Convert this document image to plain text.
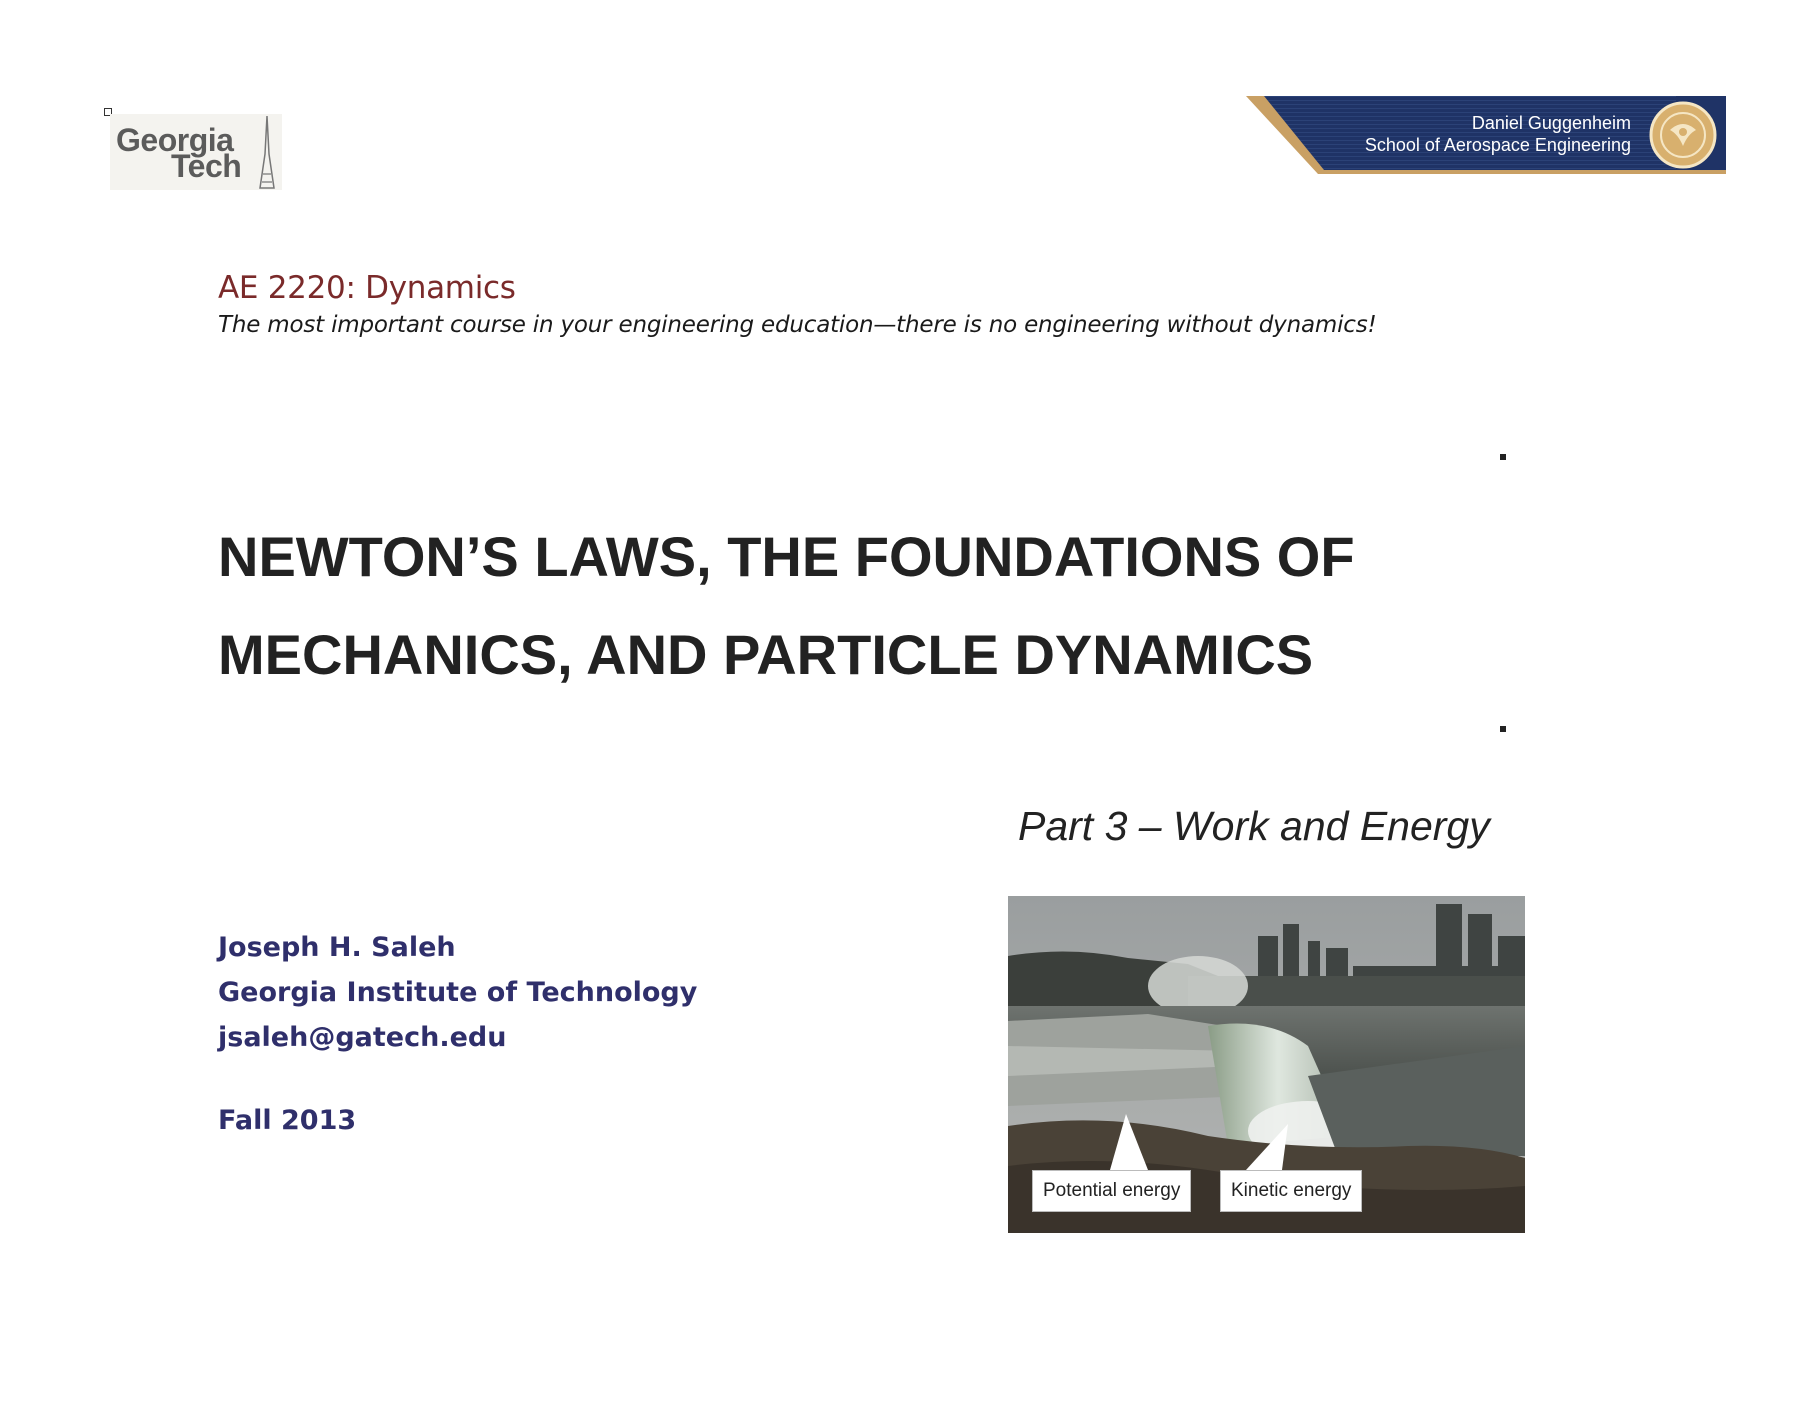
Georgia
Tech
Daniel Guggenheim
School of Aerospace Engineering
AE 2220: Dynamics
The most important course in your engineering education—there is no engineering without dynamics!
NEWTON’S LAWS, THE FOUNDATIONS OF
MECHANICS, AND PARTICLE DYNAMICS
Part 3 – Work and Energy
Joseph H. Saleh
Georgia Institute of Technology
jsaleh@gatech.edu
Fall 2013
Potential energy	Kinetic energy
